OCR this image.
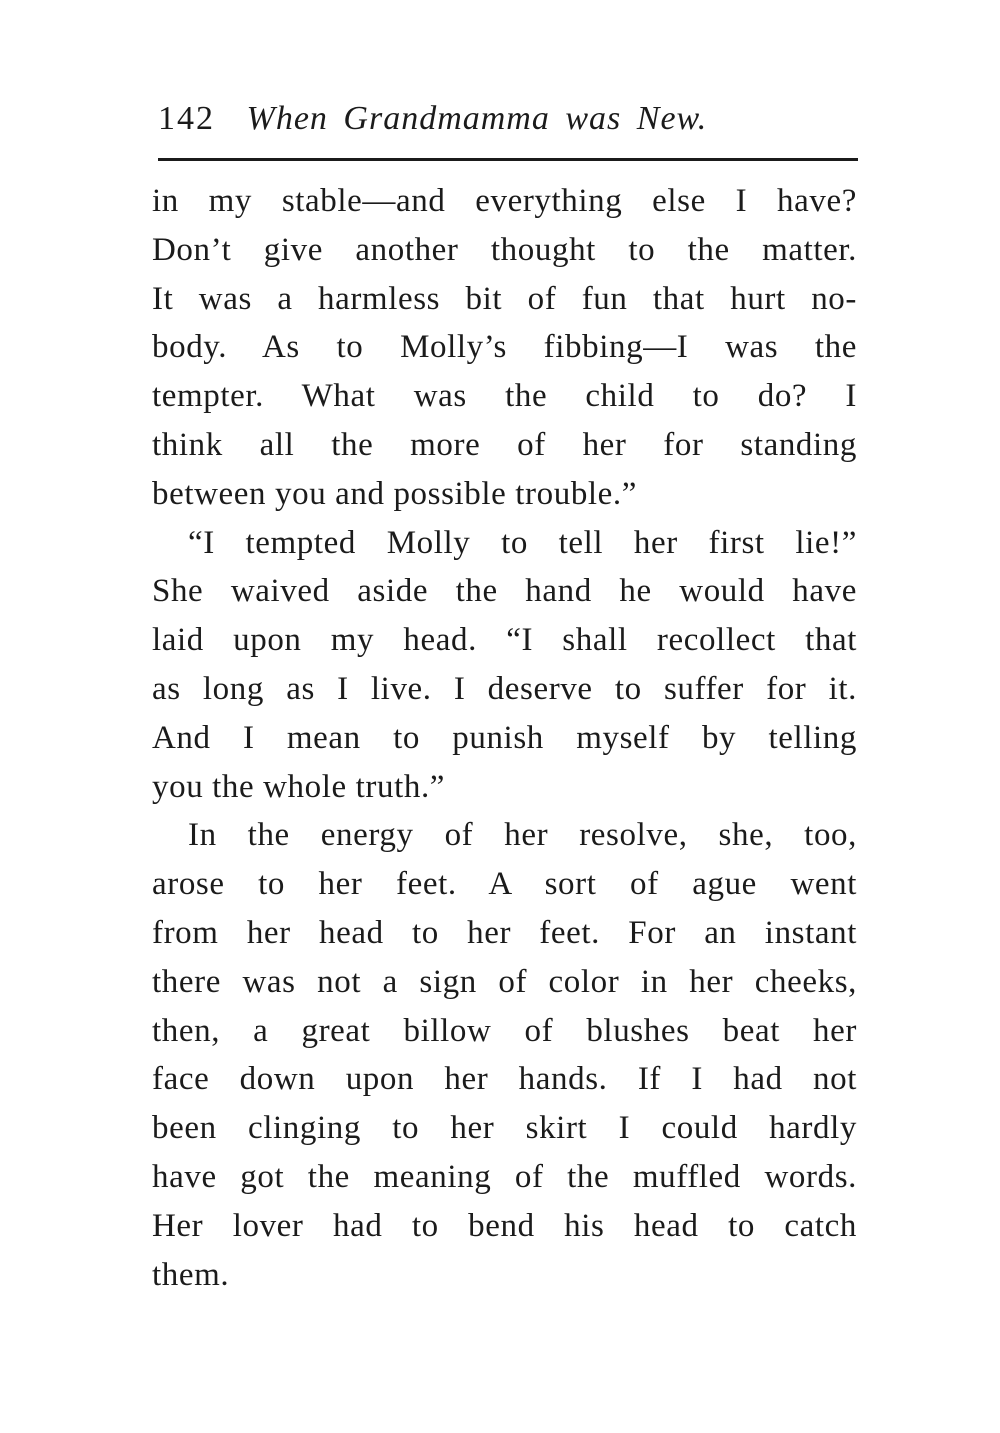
142 When Grandmamma was New.
in my stable—and everything else I have?
Don’t give another thought to the matter.
It was a harmless bit of fun that hurt no-
body. As to Molly’s fibbing—I was the
tempter. What was the child to do? I
think all the more of her for standing
between you and possible trouble.”
“I tempted Molly to tell her first lie!”
She waived aside the hand he would have
laid upon my head. “I shall recollect that
as long as I live. I deserve to suffer for it.
And I mean to punish myself by telling
you the whole truth.”
In the energy of her resolve, she, too,
arose to her feet. A sort of ague went
from her head to her feet. For an instant
there was not a sign of color in her cheeks,
then, a great billow of blushes beat her
face down upon her hands. If I had not
been clinging to her skirt I could hardly
have got the meaning of the muffled words.
Her lover had to bend his head to catch
them.
